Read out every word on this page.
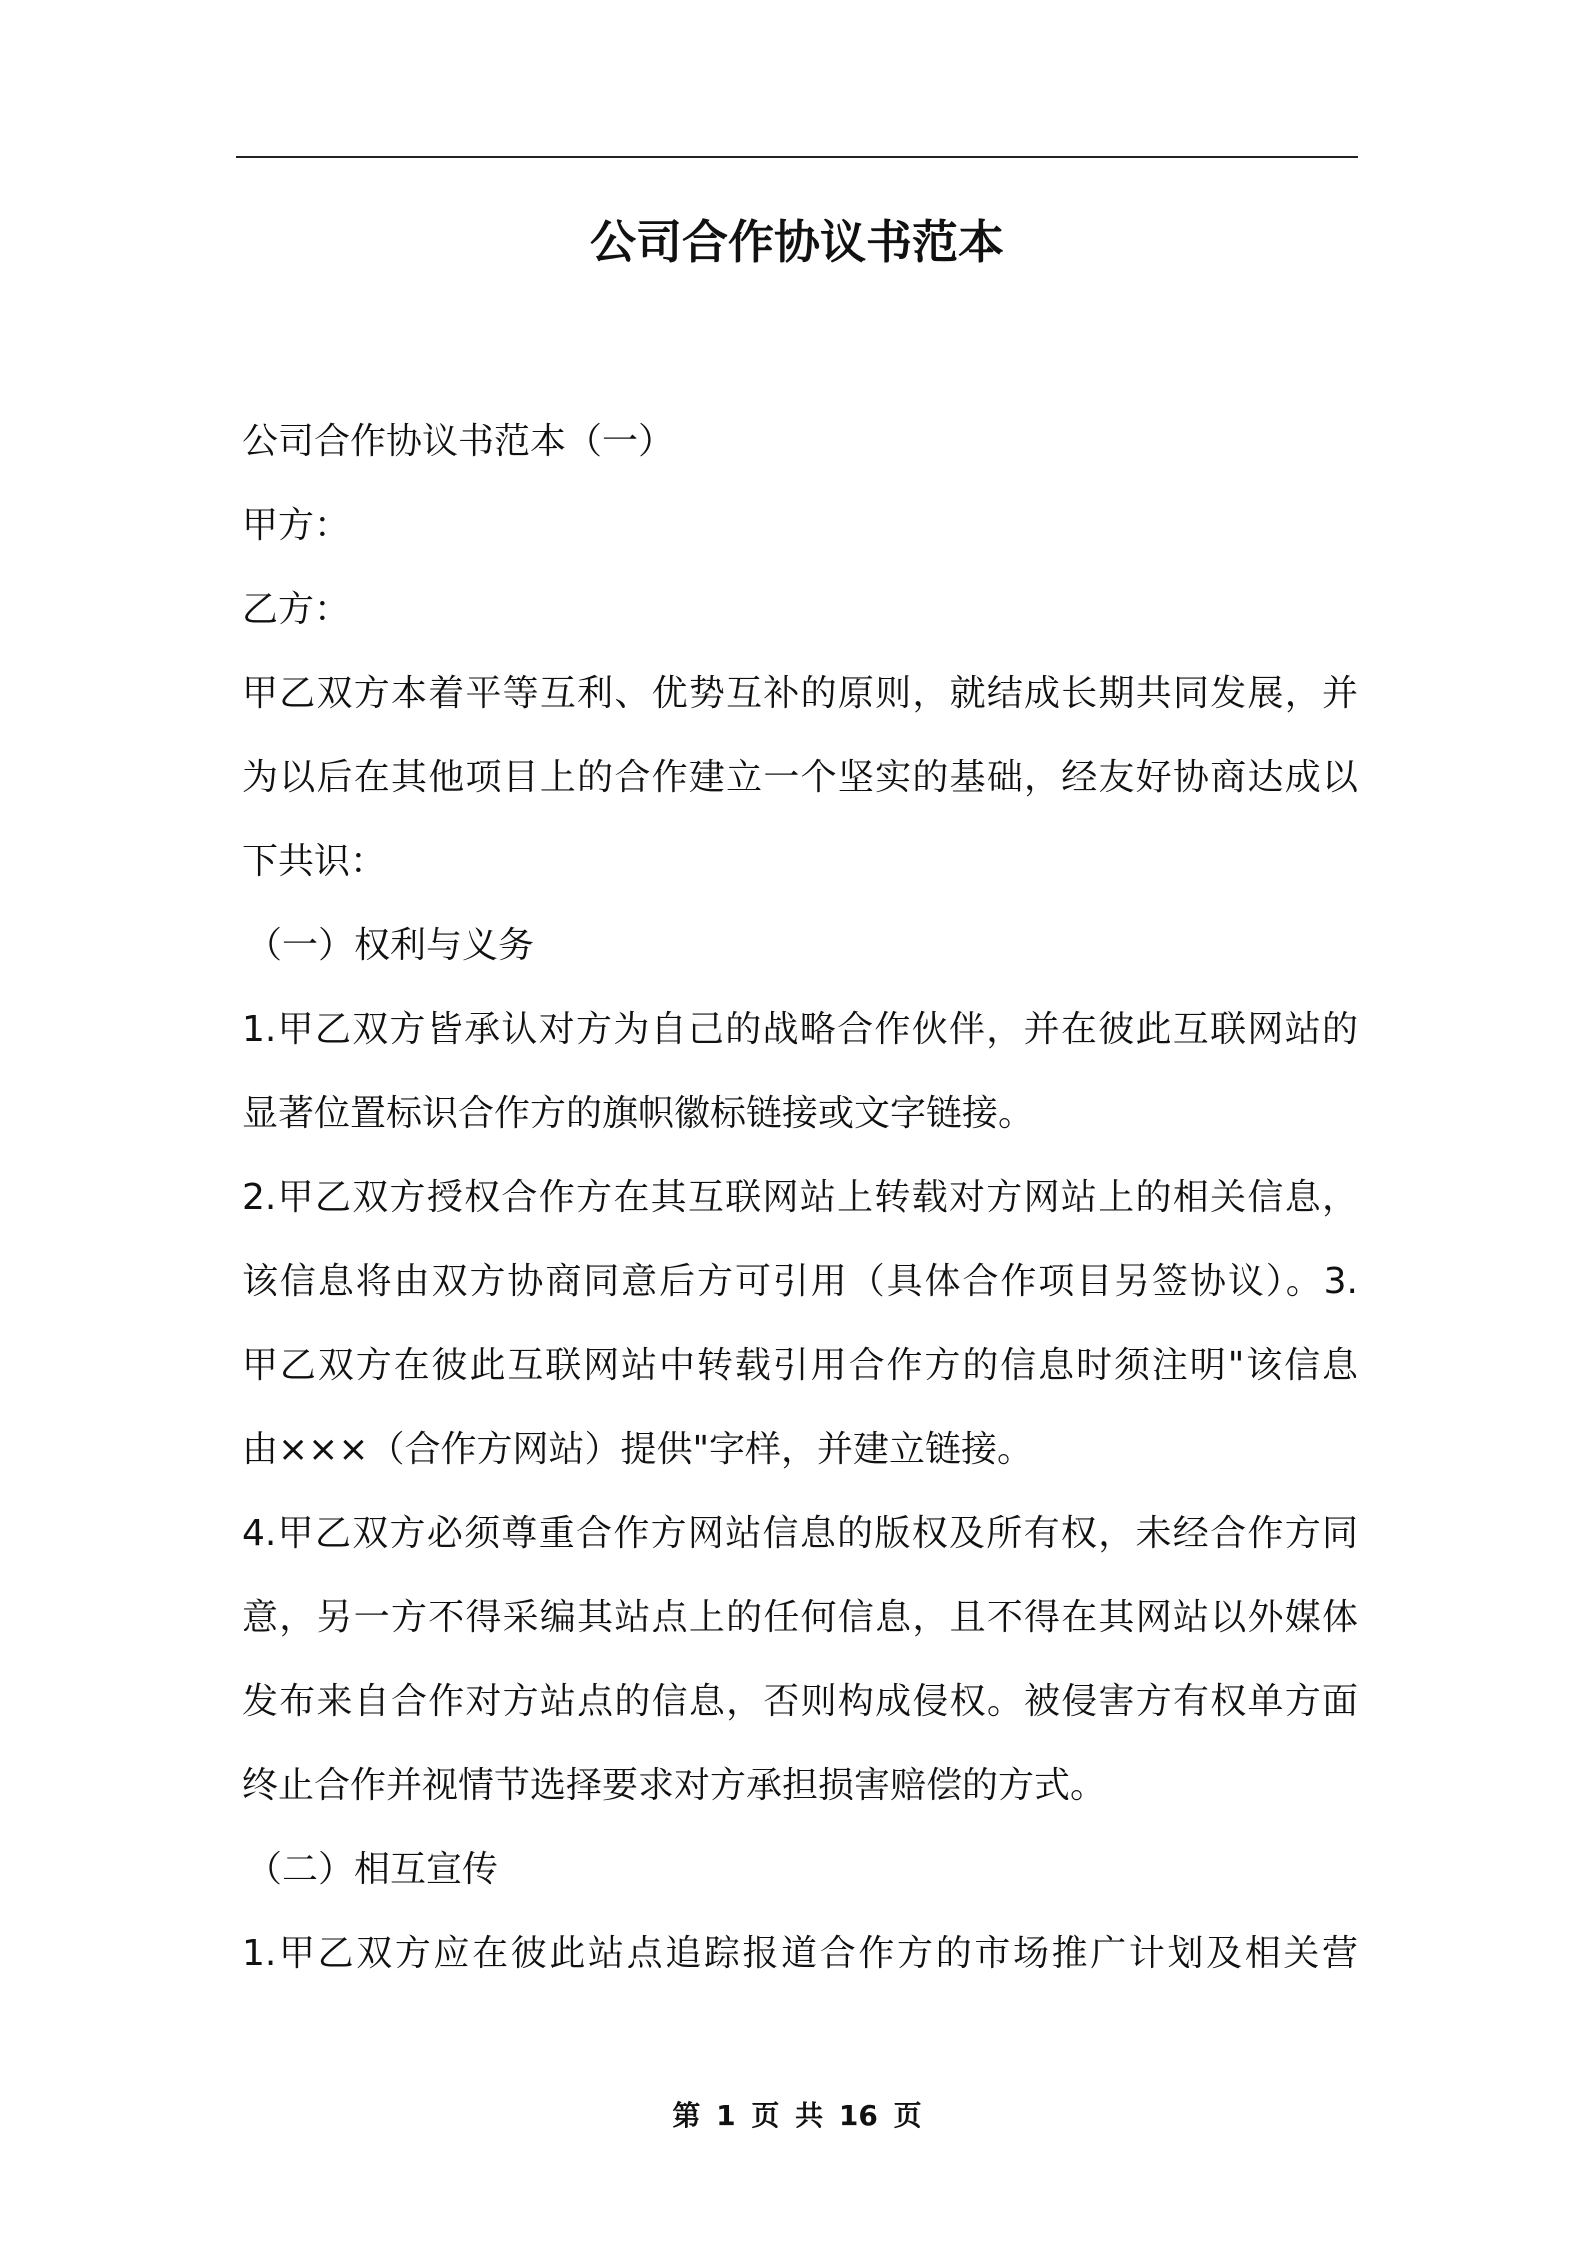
公司合作协议书范本
公司合作协议书范本（一）
甲方：
乙方：
甲乙双方本着平等互利、优势互补的原则，就结成长期共同发展，并
为以后在其他项目上的合作建立一个坚实的基础，经友好协商达成以
下共识：
（一）权利与义务
1.甲乙双方皆承认对方为自己的战略合作伙伴，并在彼此互联网站的
显著位置标识合作方的旗帜徽标链接或文字链接。
2.甲乙双方授权合作方在其互联网站上转载对方网站上的相关信息，
该信息将由双方协商同意后方可引用（具体合作项目另签协议）。3.
甲乙双方在彼此互联网站中转载引用合作方的信息时须注明"该信息
由×××（合作方网站）提供"字样，并建立链接。
4.甲乙双方必须尊重合作方网站信息的版权及所有权，未经合作方同
意，另一方不得采编其站点上的任何信息，且不得在其网站以外媒体
发布来自合作对方站点的信息，否则构成侵权。被侵害方有权单方面
终止合作并视情节选择要求对方承担损害赔偿的方式。
（二）相互宣传
1.甲乙双方应在彼此站点追踪报道合作方的市场推广计划及相关营
第 1 页 共 16 页
